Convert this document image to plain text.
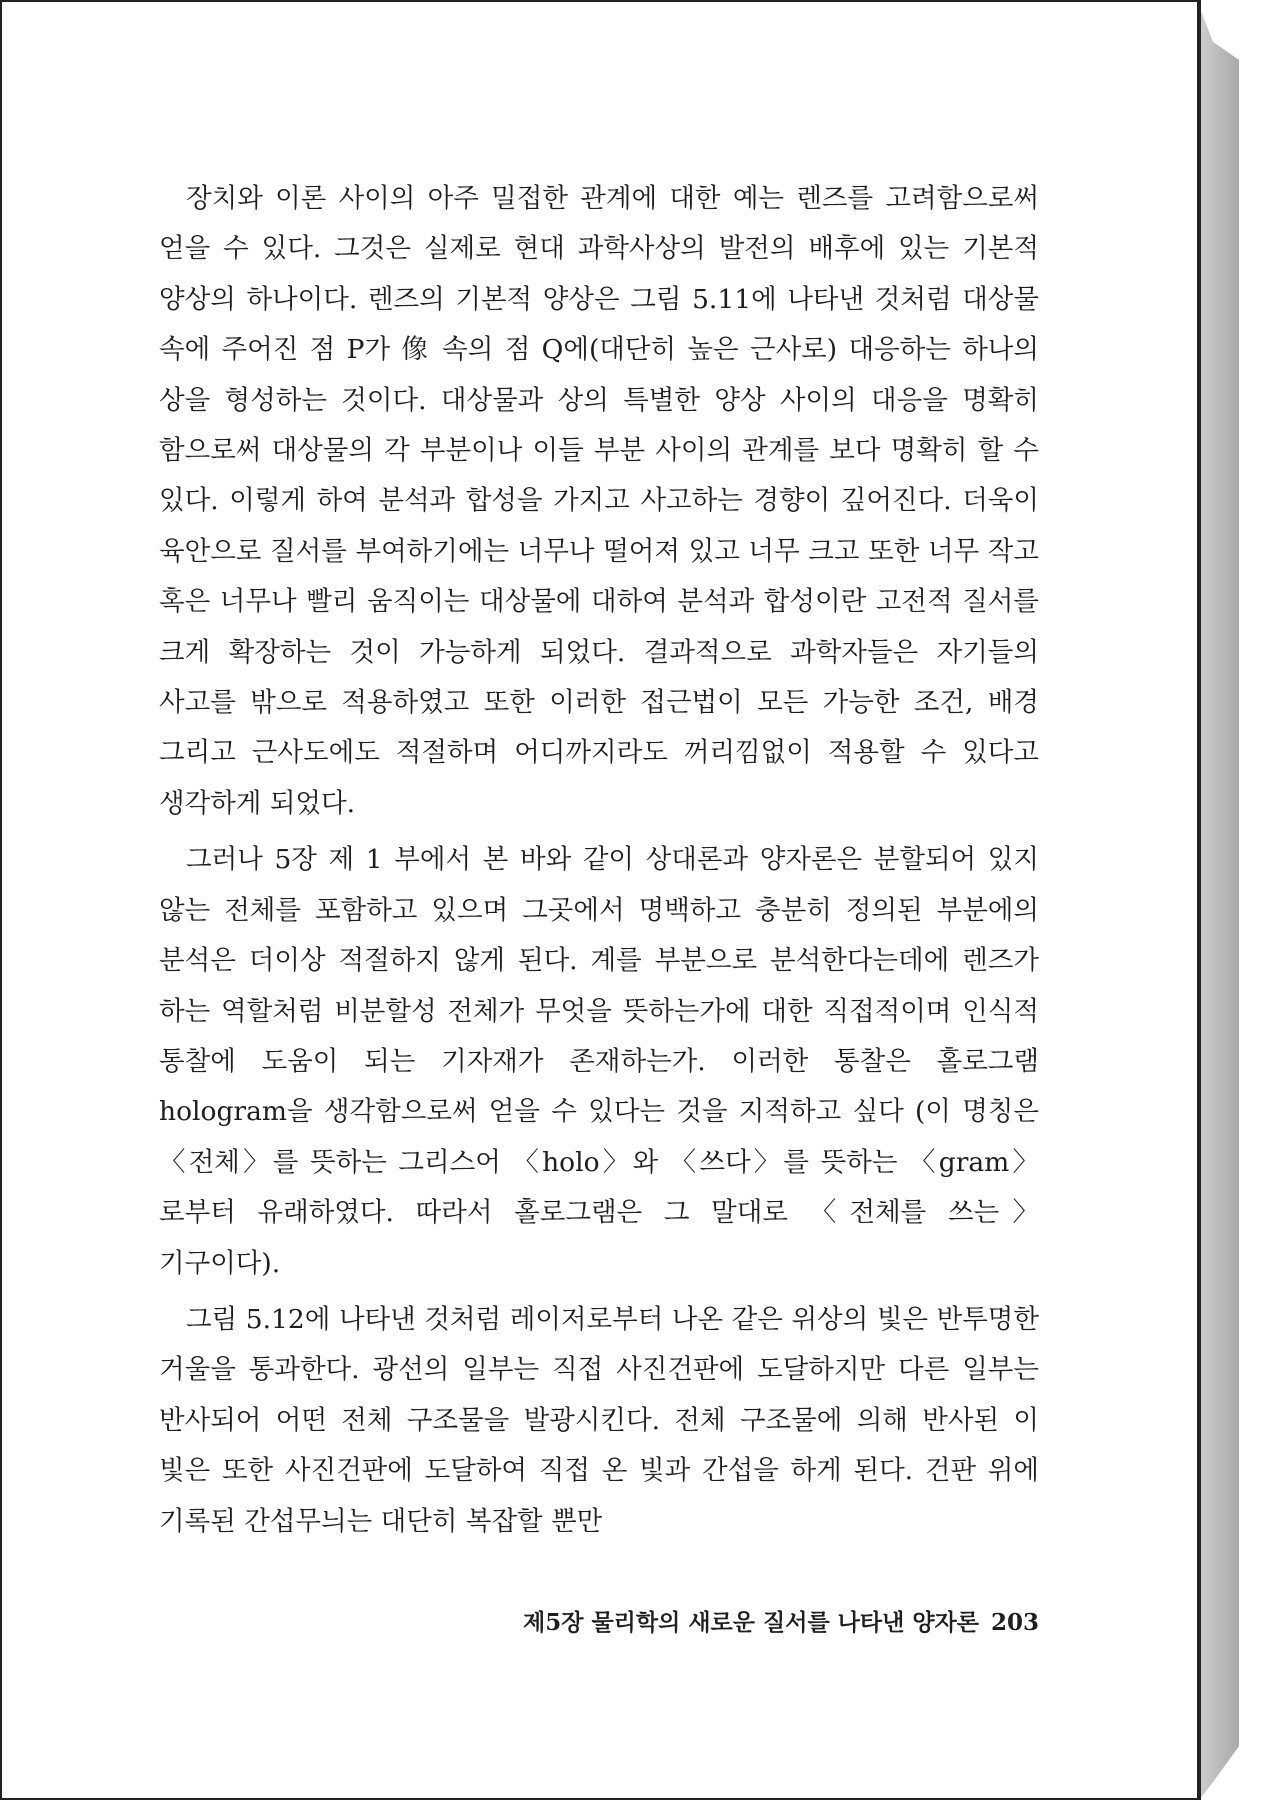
장치와 이론 사이의 아주 밀접한 관계에 대한 예는 렌즈를 고려함으로써 얻을 수 있다. 그것은 실제로 현대 과학사상의 발전의 배후에 있는 기본적 양상의 하나이다. 렌즈의 기본적 양상은 그림 5.11에 나타낸 것처럼 대상물 속에 주어진 점 P가 像 속의 점 Q에(대단히 높은 근사로) 대응하는 하나의 상을 형성하는 것이다. 대상물과 상의 특별한 양상 사이의 대응을 명확히 함으로써 대상물의 각 부분이나 이들 부분 사이의 관계를 보다 명확히 할 수 있다. 이렇게 하여 분석과 합성을 가지고 사고하는 경향이 깊어진다. 더욱이 육안으로 질서를 부여하기에는 너무나 떨어져 있고 너무 크고 또한 너무 작고 혹은 너무나 빨리 움직이는 대상물에 대하여 분석과 합성이란 고전적 질서를 크게 확장하는 것이 가능하게 되었다. 결과적으로 과학자들은 자기들의 사고를 밖으로 적용하였고 또한 이러한 접근법이 모든 가능한 조건, 배경 그리고 근사도에도 적절하며 어디까지라도 꺼리낌없이 적용할 수 있다고 생각하게 되었다.

그러나 5장 제 1 부에서 본 바와 같이 상대론과 양자론은 분할되어 있지 않는 전체를 포함하고 있으며 그곳에서 명백하고 충분히 정의된 부분에의 분석은 더이상 적절하지 않게 된다. 계를 부분으로 분석한다는데에 렌즈가 하는 역할처럼 비분할성 전체가 무엇을 뜻하는가에 대한 직접적이며 인식적 통찰에 도움이 되는 기자재가 존재하는가. 이러한 통찰은 홀로그램 hologram을 생각함으로써 얻을 수 있다는 것을 지적하고 싶다 (이 명칭은 〈전체〉를 뜻하는 그리스어 〈holo〉와 〈쓰다〉를 뜻하는 〈gram〉로부터 유래하였다. 따라서 홀로그램은 그 말대로 〈전체를 쓰는〉 기구이다).

그림 5.12에 나타낸 것처럼 레이저로부터 나온 같은 위상의 빛은 반투명한 거울을 통과한다. 광선의 일부는 직접 사진건판에 도달하지만 다른 일부는 반사되어 어떤 전체 구조물을 발광시킨다. 전체 구조물에 의해 반사된 이 빛은 또한 사진건판에 도달하여 직접 온 빛과 간섭을 하게 된다. 건판 위에 기록된 간섭무늬는 대단히 복잡할 뿐만

제5장 물리학의 새로운 질서를 나타낸 양자론 203
